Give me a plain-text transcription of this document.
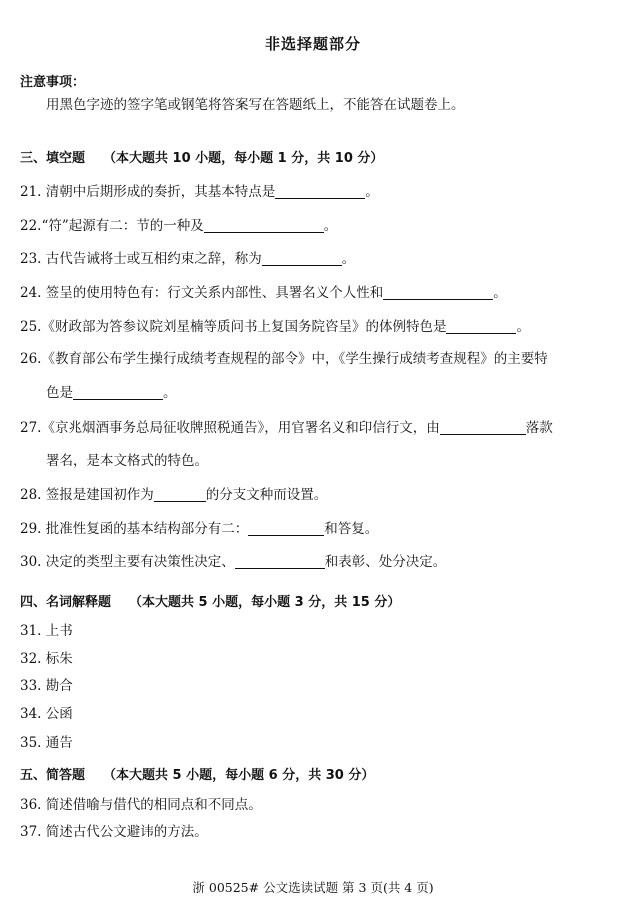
非选择题部分
注意事项：
用黑色字迹的签字笔或钢笔将答案写在答题纸上，不能答在试题卷上。
三、填空题 （本大题共 10 小题，每小题 1 分，共 10 分）
21. 清朝中后期形成的奏折，其基本特点是	。
22.“符”起源有二：节的一种及	。
23. 古代告诫将士或互相约束之辞，称为	。
24. 签呈的使用特色有：行文关系内部性、具署名义个人性和	。
25.《财政部为答参议院刘星楠等质问书上复国务院咨呈》的体例特色是	。
26.《教育部公布学生操行成绩考查规程的部令》中，《学生操行成绩考查规程》的主要特
色是	。
27.《京兆烟酒事务总局征收牌照税通告》，用官署名义和印信行文，由	落款
署名，是本文格式的特色。
28. 签报是建国初作为	的分支文种而设置。
29. 批准性复函的基本结构部分有二：	和答复。
30. 决定的类型主要有决策性决定、	和表彰、处分决定。
四、名词解释题 （本大题共 5 小题，每小题 3 分，共 15 分）
31. 上书
32. 标朱
33. 勘合
34. 公函
35. 通告
五、简答题 （本大题共 5 小题，每小题 6 分，共 30 分）
36. 简述借喻与借代的相同点和不同点。
37. 简述古代公文避讳的方法。
浙 00525# 公文选读试题 第 3 页(共 4 页)
